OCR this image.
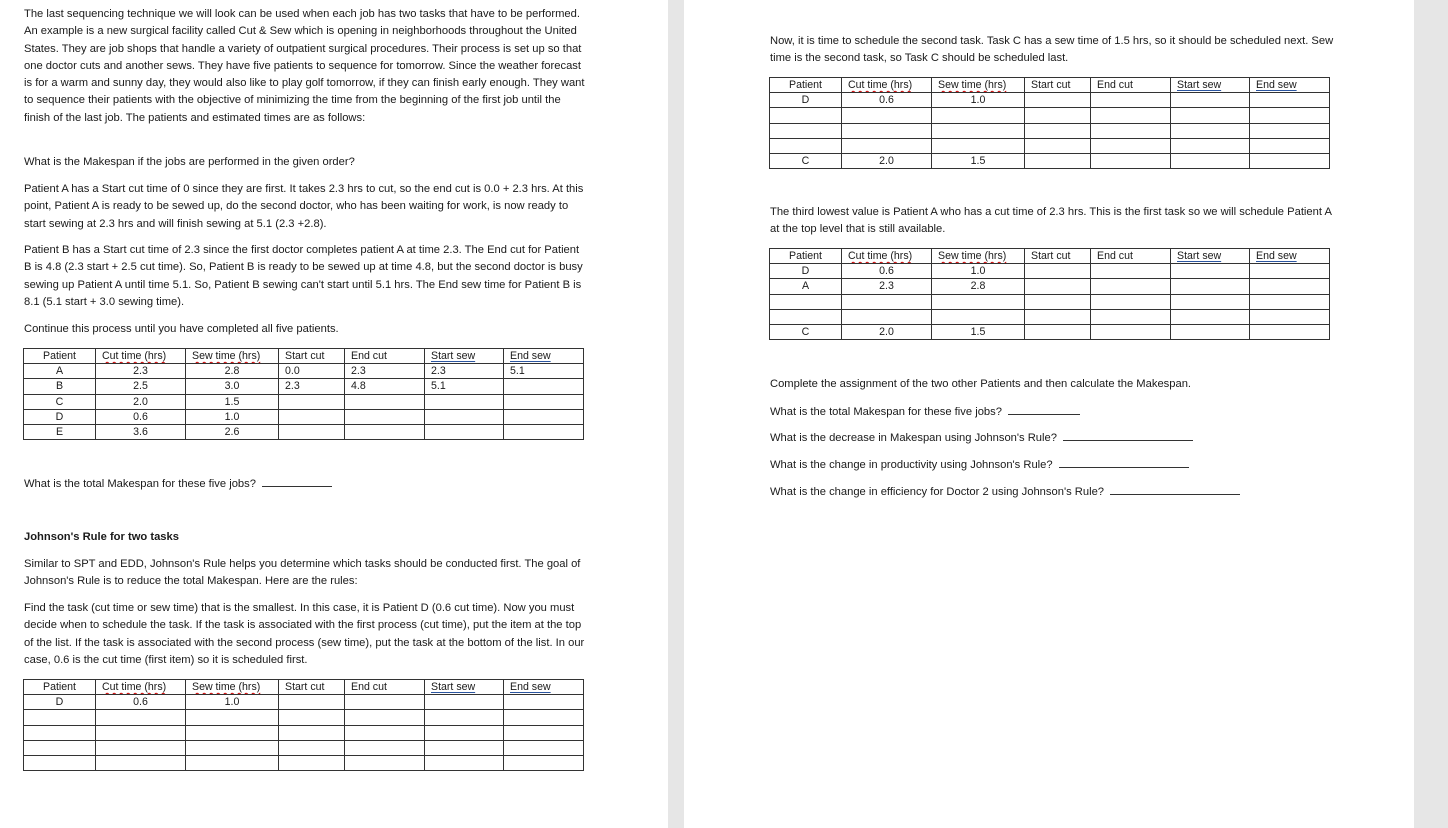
The last sequencing technique we will look can be used when each job has two tasks that have to be performed. An example is a new surgical facility called Cut & Sew which is opening in neighborhoods throughout the United States. They are job shops that handle a variety of outpatient surgical procedures. Their process is set up so that one doctor cuts and another sews. They have five patients to sequence for tomorrow. Since the weather forecast is for a warm and sunny day, they would also like to play golf tomorrow, if they can finish early enough. They want to sequence their patients with the objective of minimizing the time from the beginning of the first job until the finish of the last job. The patients and estimated times are as follows:

What is the Makespan if the jobs are performed in the given order?

Patient A has a Start cut time of 0 since they are first. It takes 2.3 hrs to cut, so the end cut is 0.0 + 2.3 hrs. At this point, Patient A is ready to be sewed up, do the second doctor, who has been waiting for work, is now ready to start sewing at 2.3 hrs and will finish sewing at 5.1 (2.3 +2.8).

Patient B has a Start cut time of 2.3 since the first doctor completes patient A at time 2.3. The End cut for Patient B is 4.8 (2.3 start + 2.5 cut time). So, Patient B is ready to be sewed up at time 4.8, but the second doctor is busy sewing up Patient A until time 5.1. So, Patient B sewing can't start until 5.1 hrs. The End sew time for Patient B is 8.1 (5.1 start + 3.0 sewing time).

Continue this process until you have completed all five patients.

Patient	Cut time (hrs)	Sew time (hrs)	Start cut	End cut	Start sew	End sew
A	2.3	2.8	0.0	2.3	2.3	5.1
B	2.5	3.0	2.3	4.8	5.1	
C	2.0	1.5				
D	0.6	1.0				
E	3.6	2.6				

What is the total Makespan for these five jobs?

Johnson's Rule for two tasks

Similar to SPT and EDD, Johnson's Rule helps you determine which tasks should be conducted first. The goal of Johnson's Rule is to reduce the total Makespan. Here are the rules:

Find the task (cut time or sew time) that is the smallest. In this case, it is Patient D (0.6 cut time). Now you must decide when to schedule the task. If the task is associated with the first process (cut time), put the item at the top of the list. If the task is associated with the second process (sew time), put the task at the bottom of the list. In our case, 0.6 is the cut time (first item) so it is scheduled first.

Patient	Cut time (hrs)	Sew time (hrs)	Start cut	End cut	Start sew	End sew
D	0.6	1.0				

Now, it is time to schedule the second task. Task C has a sew time of 1.5 hrs, so it should be scheduled next. Sew time is the second task, so Task C should be scheduled last.

Patient	Cut time (hrs)	Sew time (hrs)	Start cut	End cut	Start sew	End sew
D	0.6	1.0				

C	2.0	1.5				

The third lowest value is Patient A who has a cut time of 2.3 hrs. This is the first task so we will schedule Patient A at the top level that is still available.

Patient	Cut time (hrs)	Sew time (hrs)	Start cut	End cut	Start sew	End sew
D	0.6	1.0				
A	2.3	2.8				

C	2.0	1.5				

Complete the assignment of the two other Patients and then calculate the Makespan.

What is the total Makespan for these five jobs?

What is the decrease in Makespan using Johnson's Rule?

What is the change in productivity using Johnson's Rule?

What is the change in efficiency for Doctor 2 using Johnson's Rule?
